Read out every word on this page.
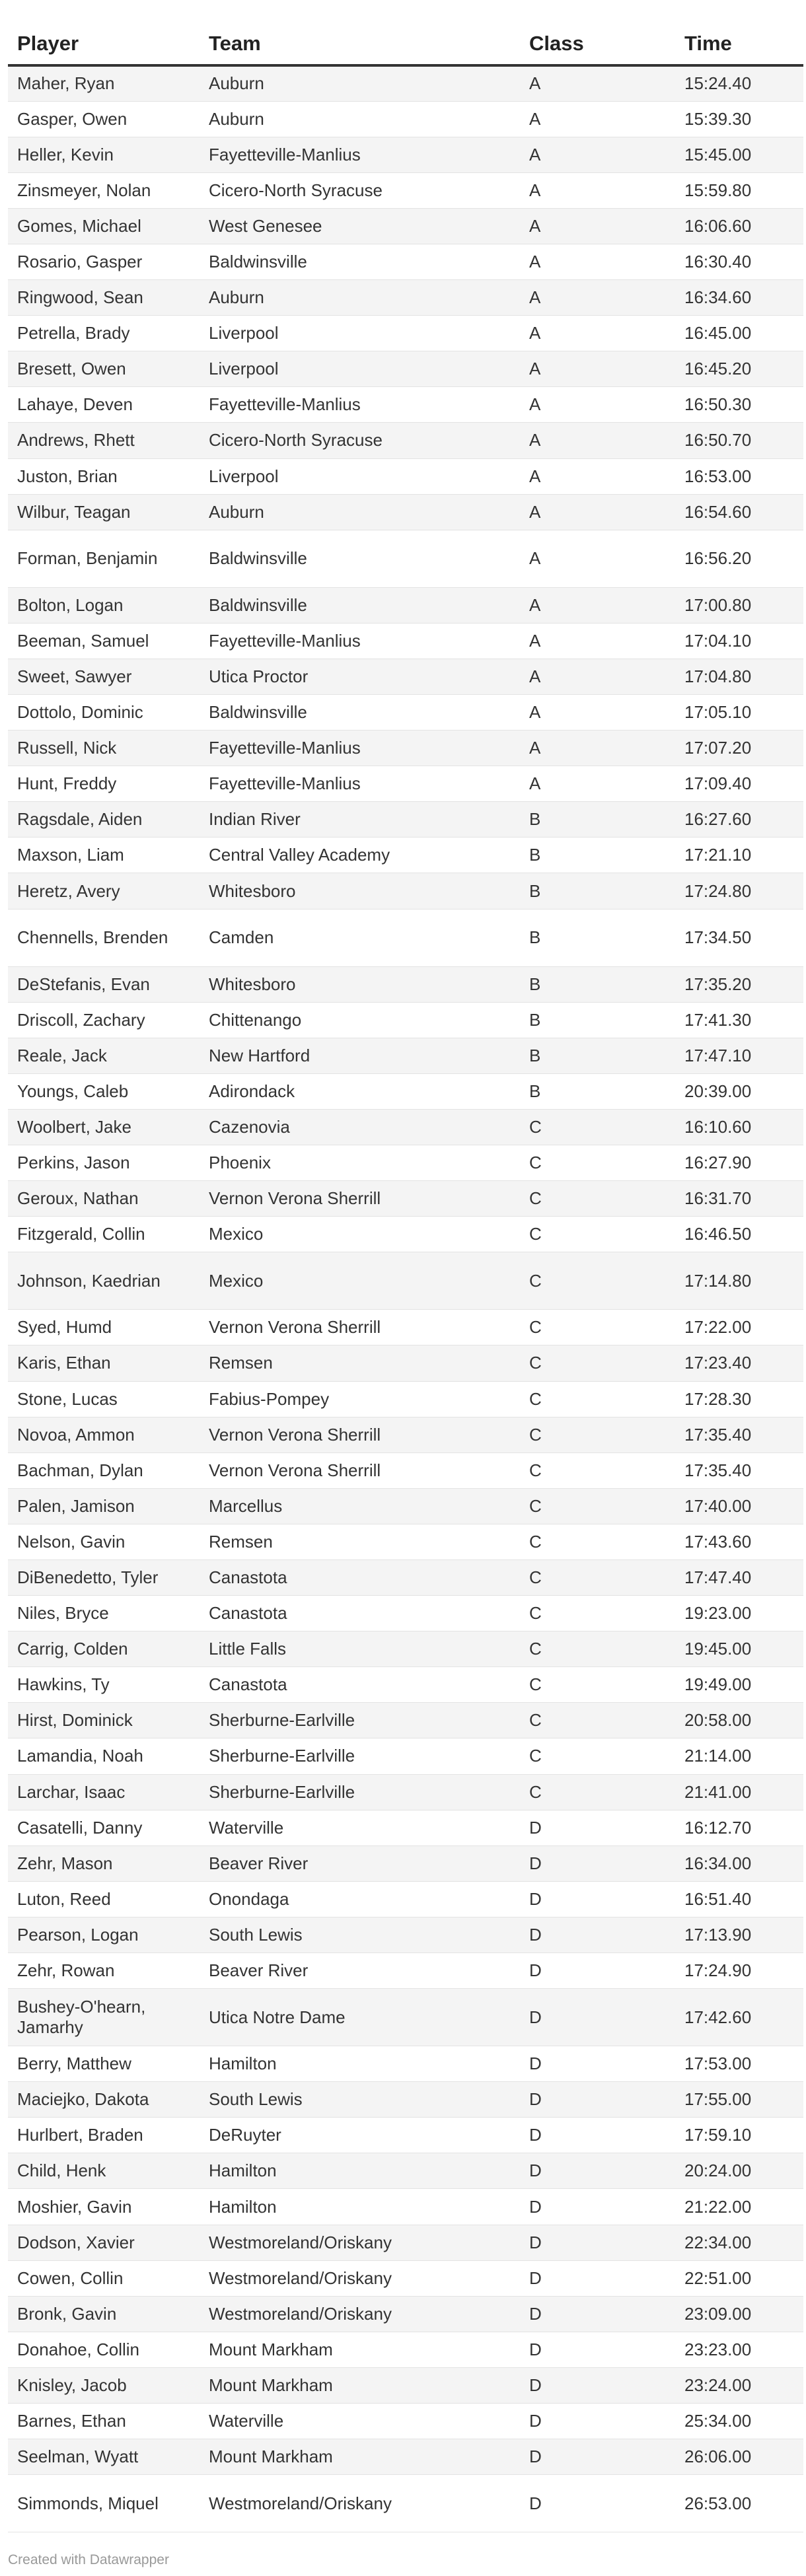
Player	Team	Class	Time
Maher, Ryan	Auburn	A	15:24.40
Gasper, Owen	Auburn	A	15:39.30
Heller, Kevin	Fayetteville-Manlius	A	15:45.00
Zinsmeyer, Nolan	Cicero-North Syracuse	A	15:59.80
Gomes, Michael	West Genesee	A	16:06.60
Rosario, Gasper	Baldwinsville	A	16:30.40
Ringwood, Sean	Auburn	A	16:34.60
Petrella, Brady	Liverpool	A	16:45.00
Bresett, Owen	Liverpool	A	16:45.20
Lahaye, Deven	Fayetteville-Manlius	A	16:50.30
Andrews, Rhett	Cicero-North Syracuse	A	16:50.70
Juston, Brian	Liverpool	A	16:53.00
Wilbur, Teagan	Auburn	A	16:54.60
Forman, Benjamin	Baldwinsville	A	16:56.20
Bolton, Logan	Baldwinsville	A	17:00.80
Beeman, Samuel	Fayetteville-Manlius	A	17:04.10
Sweet, Sawyer	Utica Proctor	A	17:04.80
Dottolo, Dominic	Baldwinsville	A	17:05.10
Russell, Nick	Fayetteville-Manlius	A	17:07.20
Hunt, Freddy	Fayetteville-Manlius	A	17:09.40
Ragsdale, Aiden	Indian River	B	16:27.60
Maxson, Liam	Central Valley Academy	B	17:21.10
Heretz, Avery	Whitesboro	B	17:24.80
Chennells, Brenden	Camden	B	17:34.50
DeStefanis, Evan	Whitesboro	B	17:35.20
Driscoll, Zachary	Chittenango	B	17:41.30
Reale, Jack	New Hartford	B	17:47.10
Youngs, Caleb	Adirondack	B	20:39.00
Woolbert, Jake	Cazenovia	C	16:10.60
Perkins, Jason	Phoenix	C	16:27.90
Geroux, Nathan	Vernon Verona Sherrill	C	16:31.70
Fitzgerald, Collin	Mexico	C	16:46.50
Johnson, Kaedrian	Mexico	C	17:14.80
Syed, Humd	Vernon Verona Sherrill	C	17:22.00
Karis, Ethan	Remsen	C	17:23.40
Stone, Lucas	Fabius-Pompey	C	17:28.30
Novoa, Ammon	Vernon Verona Sherrill	C	17:35.40
Bachman, Dylan	Vernon Verona Sherrill	C	17:35.40
Palen, Jamison	Marcellus	C	17:40.00
Nelson, Gavin	Remsen	C	17:43.60
DiBenedetto, Tyler	Canastota	C	17:47.40
Niles, Bryce	Canastota	C	19:23.00
Carrig, Colden	Little Falls	C	19:45.00
Hawkins, Ty	Canastota	C	19:49.00
Hirst, Dominick	Sherburne-Earlville	C	20:58.00
Lamandia, Noah	Sherburne-Earlville	C	21:14.00
Larchar, Isaac	Sherburne-Earlville	C	21:41.00
Casatelli, Danny	Waterville	D	16:12.70
Zehr, Mason	Beaver River	D	16:34.00
Luton, Reed	Onondaga	D	16:51.40
Pearson, Logan	South Lewis	D	17:13.90
Zehr, Rowan	Beaver River	D	17:24.90
Bushey-O'hearn, Jamarhy	Utica Notre Dame	D	17:42.60
Berry, Matthew	Hamilton	D	17:53.00
Maciejko, Dakota	South Lewis	D	17:55.00
Hurlbert, Braden	DeRuyter	D	17:59.10
Child, Henk	Hamilton	D	20:24.00
Moshier, Gavin	Hamilton	D	21:22.00
Dodson, Xavier	Westmoreland/Oriskany	D	22:34.00
Cowen, Collin	Westmoreland/Oriskany	D	22:51.00
Bronk, Gavin	Westmoreland/Oriskany	D	23:09.00
Donahoe, Collin	Mount Markham	D	23:23.00
Knisley, Jacob	Mount Markham	D	23:24.00
Barnes, Ethan	Waterville	D	25:34.00
Seelman, Wyatt	Mount Markham	D	26:06.00
Simmonds, Miquel	Westmoreland/Oriskany	D	26:53.00
Created with Datawrapper
